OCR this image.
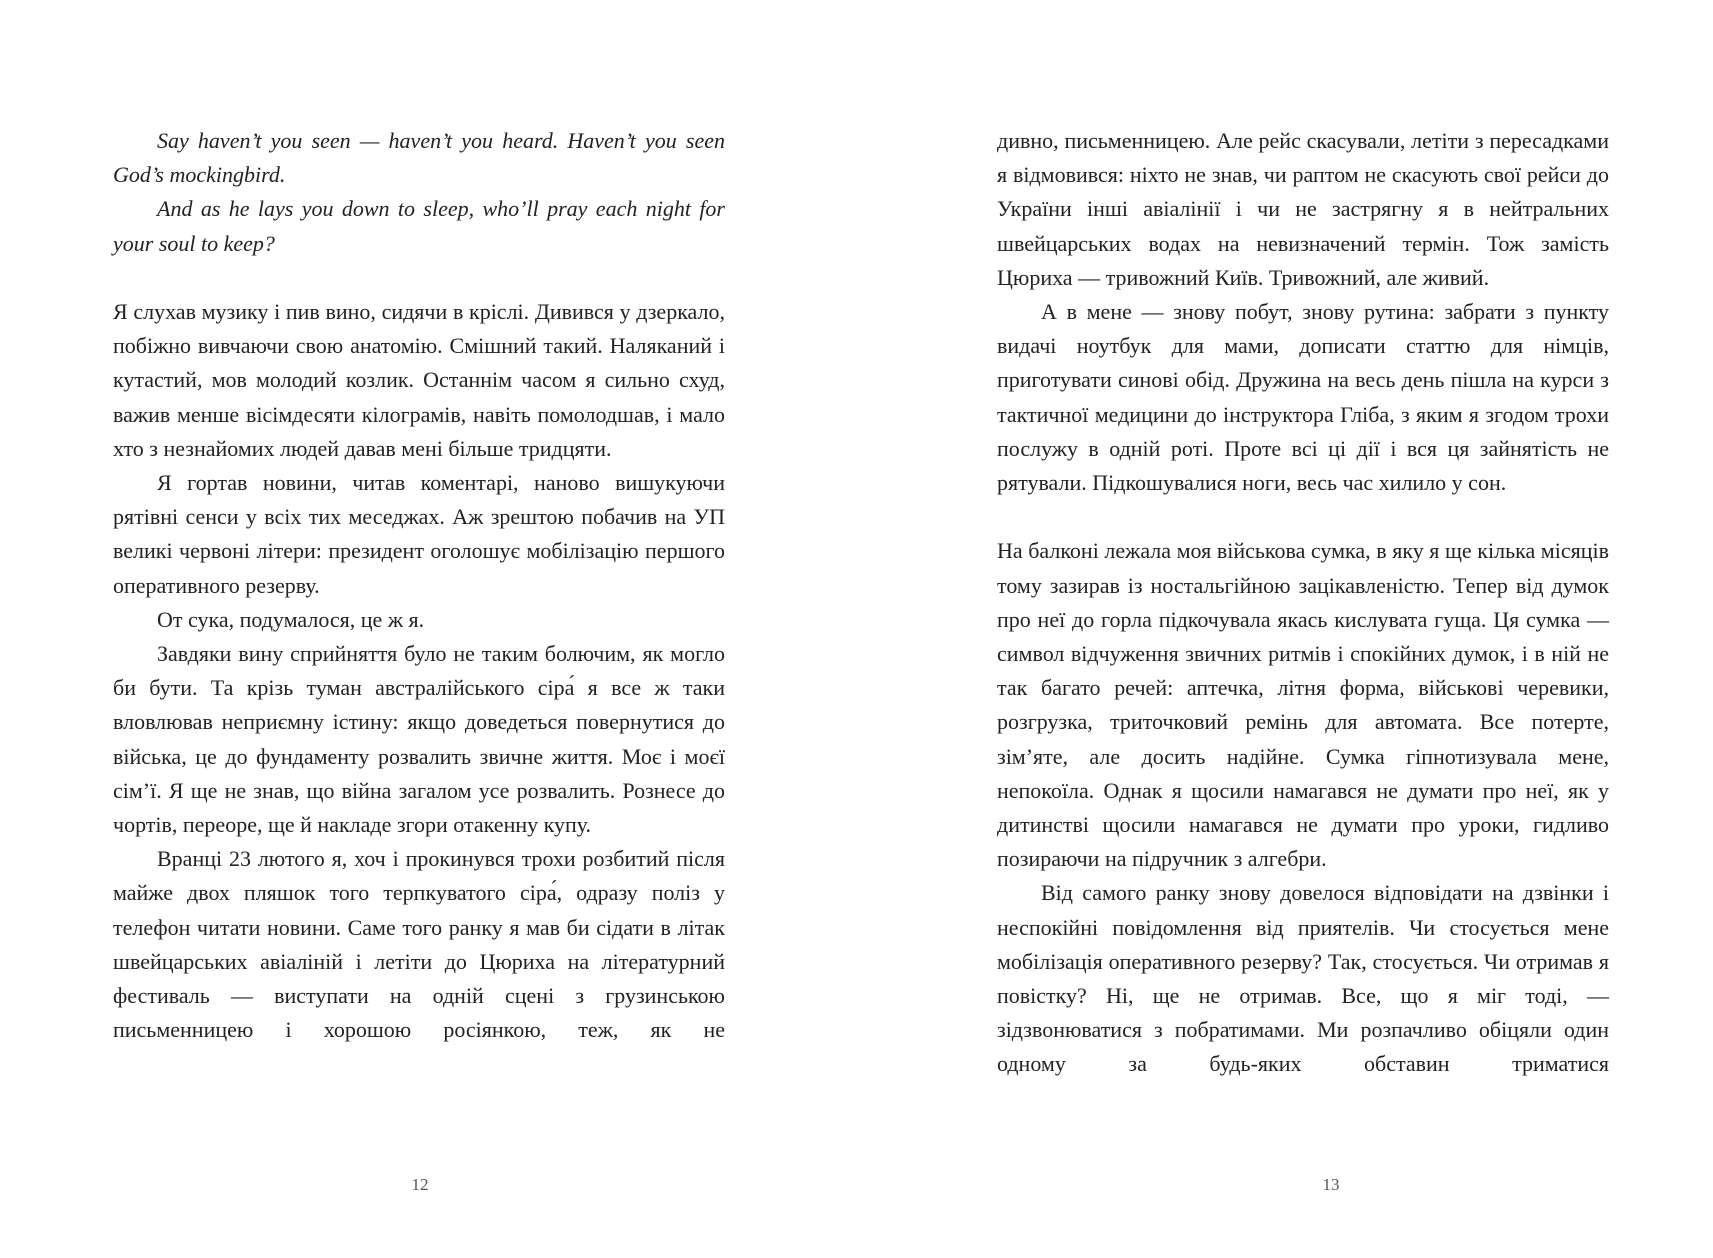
Say haven’t you seen — haven’t you heard. Haven’t you seen God’s mockingbird.

And as he lays you down to sleep, who’ll pray each night for your soul to keep?

Я слухав музику і пив вино, сидячи в кріслі. Дивився у дзеркало, побіжно вивчаючи свою анатомію. Смішний такий. Наляканий і кутастий, мов молодий козлик. Останнім часом я сильно схуд, важив менше вісімдесяти кілограмів, навіть помолодшав, і мало хто з незнайомих людей давав мені більше тридцяти.

Я гортав новини, читав коментарі, наново вишукуючи рятівні сенси у всіх тих меседжах. Аж зрештою побачив на УП великі червоні літери: президент оголошує мобілізацію першого оперативного резерву.

От сука, подумалося, це ж я.

Завдяки вину сприйняття було не таким болючим, як могло би бути. Та крізь туман австралійського сіра́ я все ж таки вловлював неприємну істину: якщо доведеться повернутися до війська, це до фундаменту розвалить звичне життя. Моє і моєї сім’ї. Я ще не знав, що війна загалом усе розвалить. Рознесе до чортів, переоре, ще й накладе згори отакенну купу.

Вранці 23 лютого я, хоч і прокинувся трохи розбитий після майже двох пляшок того терпкуватого сіра́, одразу поліз у телефон читати новини. Саме того ранку я мав би сідати в літак швейцарських авіаліній і летіти до Цюриха на літературний фестиваль — виступати на одній сцені з грузинською письменницею і хорошою росіянкою, теж, як не

12

дивно, письменницею. Але рейс скасували, летіти з пересадками я відмовився: ніхто не знав, чи раптом не скасують свої рейси до України інші авіалінії і чи не застрягну я в нейтральних швейцарських водах на невизначений термін. Тож замість Цюриха — тривожний Київ. Тривожний, але живий.

А в мене — знову побут, знову рутина: забрати з пункту видачі ноутбук для мами, дописати статтю для німців, приготувати синові обід. Дружина на весь день пішла на курси з тактичної медицини до інструктора Гліба, з яким я згодом трохи послужу в одній роті. Проте всі ці дії і вся ця зайнятість не рятували. Підкошувалися ноги, весь час хилило у сон.

На балконі лежала моя військова сумка, в яку я ще кілька місяців тому зазирав із ностальгійною зацікавленістю. Тепер від думок про неї до горла підкочувала якась кислувата гуща. Ця сумка — символ відчуження звичних ритмів і спокійних думок, і в ній не так багато речей: аптечка, літня форма, військові черевики, розгрузка, триточковий ремінь для автомата. Все потерте, зім’яте, але досить надійне. Сумка гіпнотизувала мене, непокоїла. Однак я щосили намагався не думати про неї, як у дитинстві щосили намагався не думати про уроки, гидливо позираючи на підручник з алгебри.

Від самого ранку знову довелося відповідати на дзвінки і неспокійні повідомлення від приятелів. Чи стосується мене мобілізація оперативного резерву? Так, стосується. Чи отримав я повістку? Ні, ще не отримав. Все, що я міг тоді, — зідзвонюватися з побратимами. Ми розпачливо обіцяли один одному за будь-яких обставин триматися

13
